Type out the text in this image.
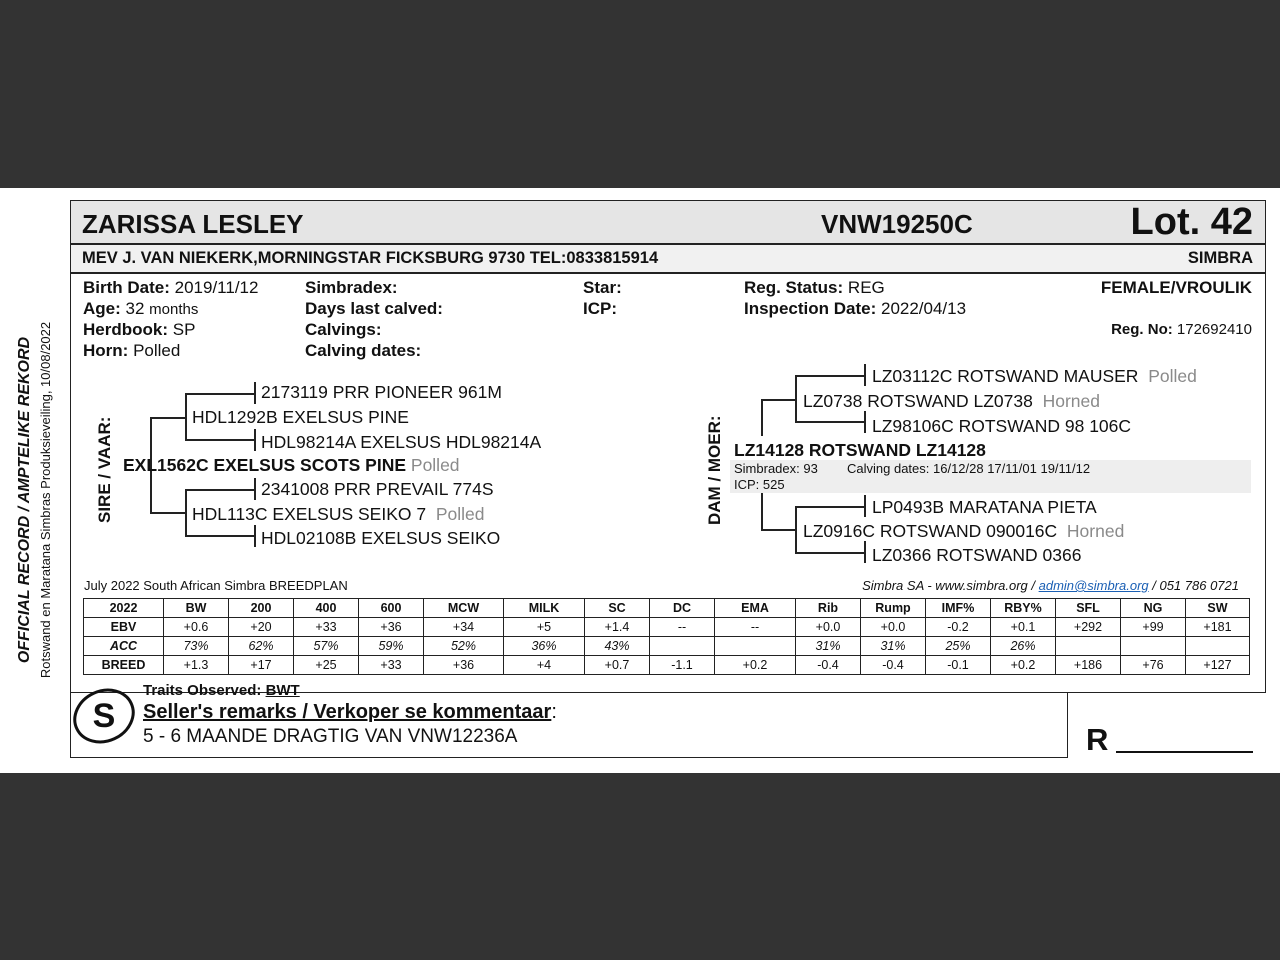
OFFICIAL RECORD / AMPTELIKE REKORD Rotswand en Maratana Simbras Produksieveiling, 10/08/2022
ZARISSA LESLEY	VNW19250C	Lot. 42
MEV J. VAN NIEKERK,MORNINGSTAR FICKSBURG 9730 TEL:0833815914	SIMBRA
Birth Date: 2019/11/12
Age: 32 months
Herdbook: SP
Horn: Polled
Simbradex:
Days last calved:
Calvings:
Calving dates:
Star:
ICP:
Reg. Status: REG
Inspection Date: 2022/04/13
FEMALE/VROULIK
Reg. No: 172692410
SIRE / VAAR:
2173119 PRR PIONEER 961M
HDL1292B EXELSUS PINE
HDL98214A EXELSUS HDL98214A
EXL1562C EXELSUS SCOTS PINE Polled
2341008 PRR PREVAIL 774S
HDL113C EXELSUS SEIKO 7 Polled
HDL02108B EXELSUS SEIKO
DAM / MOER:
LZ03112C ROTSWAND MAUSER Polled
LZ0738 ROTSWAND LZ0738 Horned
LZ98106C ROTSWAND 98 106C
LZ14128 ROTSWAND LZ14128
Simbradex: 93 Calving dates: 16/12/28 17/11/01 19/11/12
ICP: 525
LP0493B MARATANA PIETA
LZ0916C ROTSWAND 090016C Horned
LZ0366 ROTSWAND 0366
July 2022 South African Simbra BREEDPLAN	Simbra SA - www.simbra.org / admin@simbra.org / 051 786 0721
2022	BW	200	400	600	MCW	MILK	SC	DC	EMA	Rib	Rump	IMF%	RBY%	SFL	NG	SW
EBV	+0.6	+20	+33	+36	+34	+5	+1.4	--	--	+0.0	+0.0	-0.2	+0.1	+292	+99	+181
ACC	73%	62%	57%	59%	52%	36%	43%			31%	31%	25%	26%			
BREED	+1.3	+17	+25	+33	+36	+4	+0.7	-1.1	+0.2	-0.4	-0.4	-0.1	+0.2	+186	+76	+127
S
Traits Observed: BWT
Seller's remarks / Verkoper se kommentaar:
5 - 6 MAANDE DRAGTIG VAN VNW12236A	R
